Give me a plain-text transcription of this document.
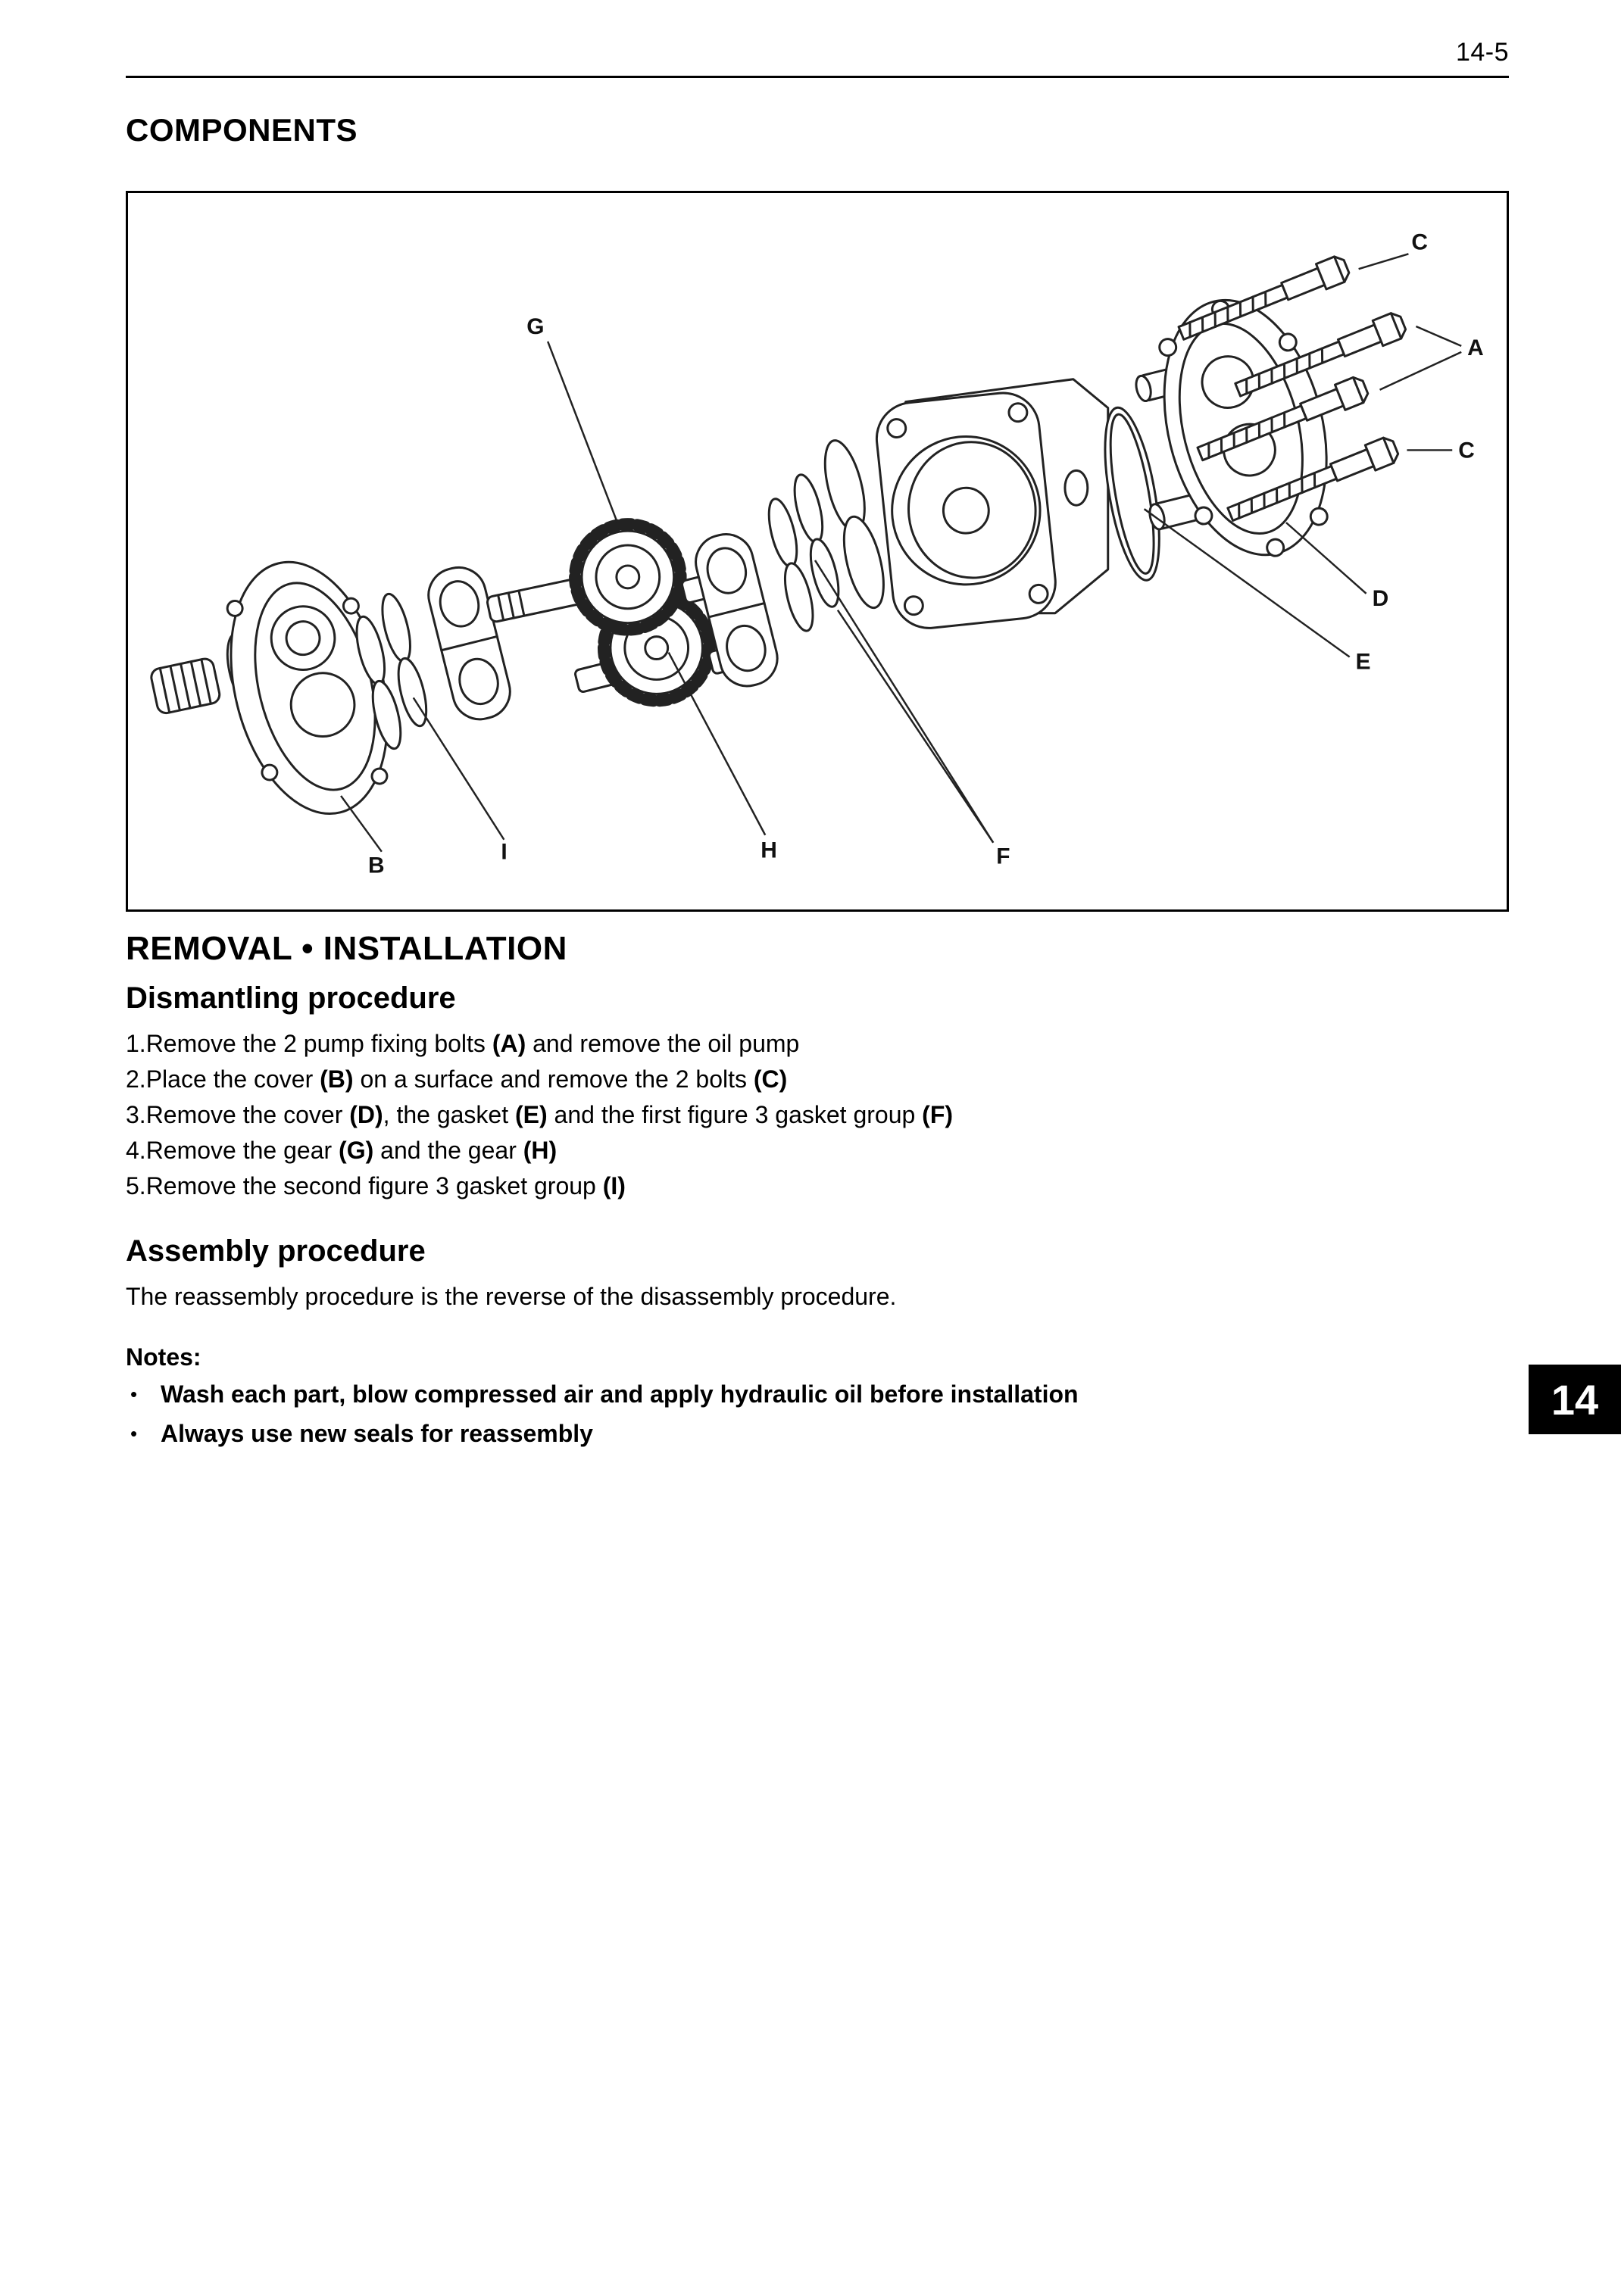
14-5
COMPONENTS
G
C
A
C
D
E
F
H
I
B
REMOVAL • INSTALLATION
Dismantling procedure
1.Remove the 2 pump fixing bolts (A) and remove the oil pump
2.Place the cover (B) on a surface and remove the 2 bolts (C)
3.Remove the cover (D), the gasket (E) and the first figure 3 gasket group (F)
4.Remove the gear (G) and the gear (H)
5.Remove the second figure 3 gasket group (I)
Assembly procedure

The reassembly procedure is the reverse of the disassembly procedure.

Notes:
• Wash each part, blow compressed air and apply hydraulic oil before installation
• Always use new seals for reassembly
14
